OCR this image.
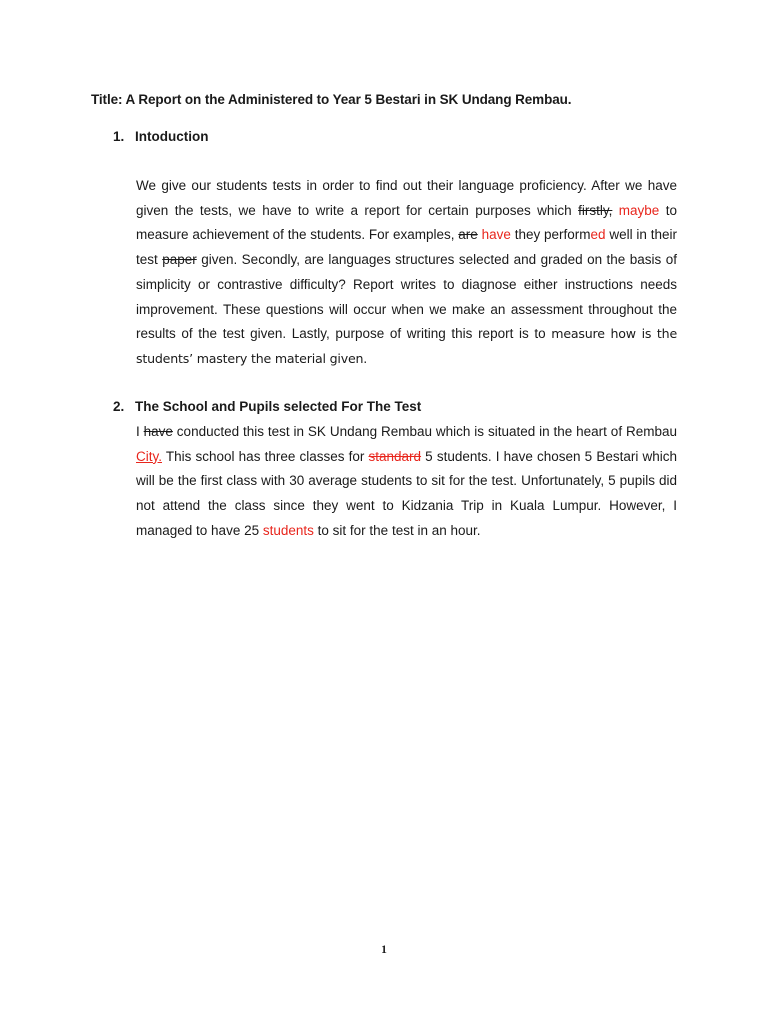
Title: A Report on the Administered to Year 5 Bestari in SK Undang Rembau.
1. Intoduction
We give our students tests in order to find out their language proficiency. After we have given the tests, we have to write a report for certain purposes which firstly, maybe to measure achievement of the students. For examples, are have they performed well in their test paper given. Secondly, are languages structures selected and graded on the basis of simplicity or contrastive difficulty? Report writes to diagnose either instructions needs improvement. These questions will occur when we make an assessment throughout the results of the test given. Lastly, purpose of writing this report is to measure how is the students’ mastery the material given.
2. The School and Pupils selected For The Test
I have conducted this test in SK Undang Rembau which is situated in the heart of Rembau City. This school has three classes for standard 5 students. I have chosen 5 Bestari which will be the first class with 30 average students to sit for the test. Unfortunately, 5 pupils did not attend the class since they went to Kidzania Trip in Kuala Lumpur. However, I managed to have 25 students to sit for the test in an hour.
1
